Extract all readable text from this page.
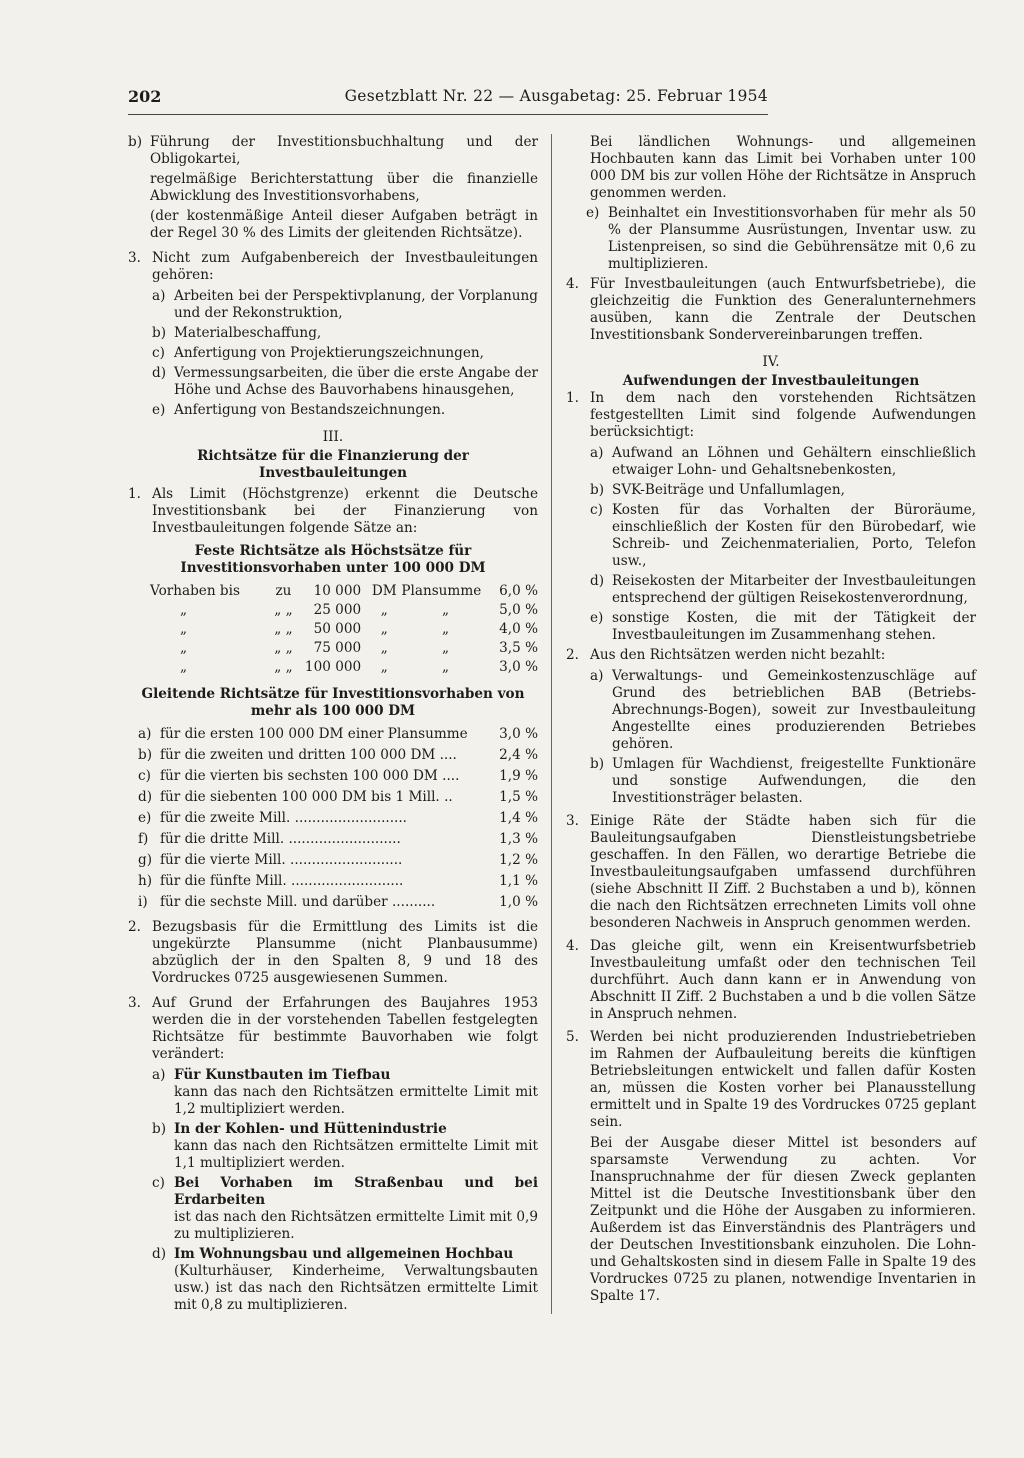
202	Gesetzblatt Nr. 22 — Ausgabetag: 25. Februar 1954
b) Führung der Investitionsbuchhaltung und der Obligokartei,

regelmäßige Berichterstattung über die finanzielle Abwicklung des Investitionsvorhabens,

(der kostenmäßige Anteil dieser Aufgaben beträgt in der Regel 30 % des Limits der gleitenden Richtsätze).

3. Nicht zum Aufgabenbereich der Investbauleitungen gehören:
a) Arbeiten bei der Perspektivplanung, der Vorplanung und der Rekonstruktion,
b) Materialbeschaffung,
c) Anfertigung von Projektierungszeichnungen,
d) Vermessungsarbeiten, die über die erste Angabe der Höhe und Achse des Bauvorhabens hinausgehen,
e) Anfertigung von Bestandszeichnungen.
III.
Richtsätze für die Finanzierung der Investbauleitungen
1. Als Limit (Höchstgrenze) erkennt die Deutsche Investitionsbank bei der Finanzierung von Investbauleitungen folgende Sätze an:
Feste Richtsätze als Höchstsätze für Investitionsvorhaben unter 100 000 DM
Vorhaben bis	zu	10 000	DM	Plansumme	6,0 %
„	„ „	25 000	„	„	5,0 %
„	„ „	50 000	„	„	4,0 %
„	„ „	75 000	„	„	3,5 %
„	„ „	100 000	„	„	3,0 %
Gleitende Richtsätze für Investitionsvorhaben von mehr als 100 000 DM
a) für die ersten 100 000 DM einer Plansumme	3,0 %
b) für die zweiten und dritten 100 000 DM ....	2,4 %
c) für die vierten bis sechsten 100 000 DM ....	1,9 %
d) für die siebenten 100 000 DM bis 1 Mill. ..	1,5 %
e) für die zweite Mill. ..........................	1,4 %
f) für die dritte Mill. ..........................	1,3 %
g) für die vierte Mill. ..........................	1,2 %
h) für die fünfte Mill. ..........................	1,1 %
i) für die sechste Mill. und darüber ..........	1,0 %
2. Bezugsbasis für die Ermittlung des Limits ist die ungekürzte Plansumme (nicht Planbausumme) abzüglich der in den Spalten 8, 9 und 18 des Vordruckes 0725 ausgewiesenen Summen.
3. Auf Grund der Erfahrungen des Baujahres 1953 werden die in der vorstehenden Tabellen festgelegten Richtsätze für bestimmte Bauvorhaben wie folgt verändert:
a) Für Kunstbauten im Tiefbau
kann das nach den Richtsätzen ermittelte Limit mit 1,2 multipliziert werden.
b) In der Kohlen- und Hüttenindustrie
kann das nach den Richtsätzen ermittelte Limit mit 1,1 multipliziert werden.
c) Bei Vorhaben im Straßenbau und bei Erdarbeiten
ist das nach den Richtsätzen ermittelte Limit mit 0,9 zu multiplizieren.
d) Im Wohnungsbau und allgemeinen Hochbau
(Kulturhäuser, Kinderheime, Verwaltungsbauten usw.) ist das nach den Richtsätzen ermittelte Limit mit 0,8 zu multiplizieren.

Bei ländlichen Wohnungs- und allgemeinen Hochbauten kann das Limit bei Vorhaben unter 100 000 DM bis zur vollen Höhe der Richtsätze in Anspruch genommen werden.

e) Beinhaltet ein Investitionsvorhaben für mehr als 50 % der Plansumme Ausrüstungen, Inventar usw. zu Listenpreisen, so sind die Gebührensätze mit 0,6 zu multiplizieren.
4. Für Investbauleitungen (auch Entwurfsbetriebe), die gleichzeitig die Funktion des Generalunternehmers ausüben, kann die Zentrale der Deutschen Investitionsbank Sondervereinbarungen treffen.
IV.
Aufwendungen der Investbauleitungen
1. In dem nach den vorstehenden Richtsätzen festgestellten Limit sind folgende Aufwendungen berücksichtigt:
a) Aufwand an Löhnen und Gehältern einschließlich etwaiger Lohn- und Gehaltsnebenkosten,
b) SVK-Beiträge und Unfallumlagen,
c) Kosten für das Vorhalten der Büroräume, einschließlich der Kosten für den Bürobedarf, wie Schreib- und Zeichenmaterialien, Porto, Telefon usw.,
d) Reisekosten der Mitarbeiter der Investbauleitungen entsprechend der gültigen Reisekostenverordnung,
e) sonstige Kosten, die mit der Tätigkeit der Investbauleitungen im Zusammenhang stehen.
2. Aus den Richtsätzen werden nicht bezahlt:
a) Verwaltungs- und Gemeinkostenzuschläge auf Grund des betrieblichen BAB (Betriebs-Abrechnungs-Bogen), soweit zur Investbauleitung Angestellte eines produzierenden Betriebes gehören.
b) Umlagen für Wachdienst, freigestellte Funktionäre und sonstige Aufwendungen, die den Investitionsträger belasten.
3. Einige Räte der Städte haben sich für die Bauleitungsaufgaben Dienstleistungsbetriebe geschaffen. In den Fällen, wo derartige Betriebe die Investbauleitungsaufgaben umfassend durchführen (siehe Abschnitt II Ziff. 2 Buchstaben a und b), können die nach den Richtsätzen errechneten Limits voll ohne besonderen Nachweis in Anspruch genommen werden.
4. Das gleiche gilt, wenn ein Kreisentwurfsbetrieb Investbauleitung umfaßt oder den technischen Teil durchführt. Auch dann kann er in Anwendung von Abschnitt II Ziff. 2 Buchstaben a und b die vollen Sätze in Anspruch nehmen.
5. Werden bei nicht produzierenden Industriebetrieben im Rahmen der Aufbauleitung bereits die künftigen Betriebsleitungen entwickelt und fallen dafür Kosten an, müssen die Kosten vorher bei Planausstellung ermittelt und in Spalte 19 des Vordruckes 0725 geplant sein.

Bei der Ausgabe dieser Mittel ist besonders auf sparsamste Verwendung zu achten. Vor Inanspruchnahme der für diesen Zweck geplanten Mittel ist die Deutsche Investitionsbank über den Zeitpunkt und die Höhe der Ausgaben zu informieren. Außerdem ist das Einverständnis des Planträgers und der Deutschen Investitionsbank einzuholen. Die Lohn- und Gehaltskosten sind in diesem Falle in Spalte 19 des Vordruckes 0725 zu planen, notwendige Inventarien in Spalte 17.
